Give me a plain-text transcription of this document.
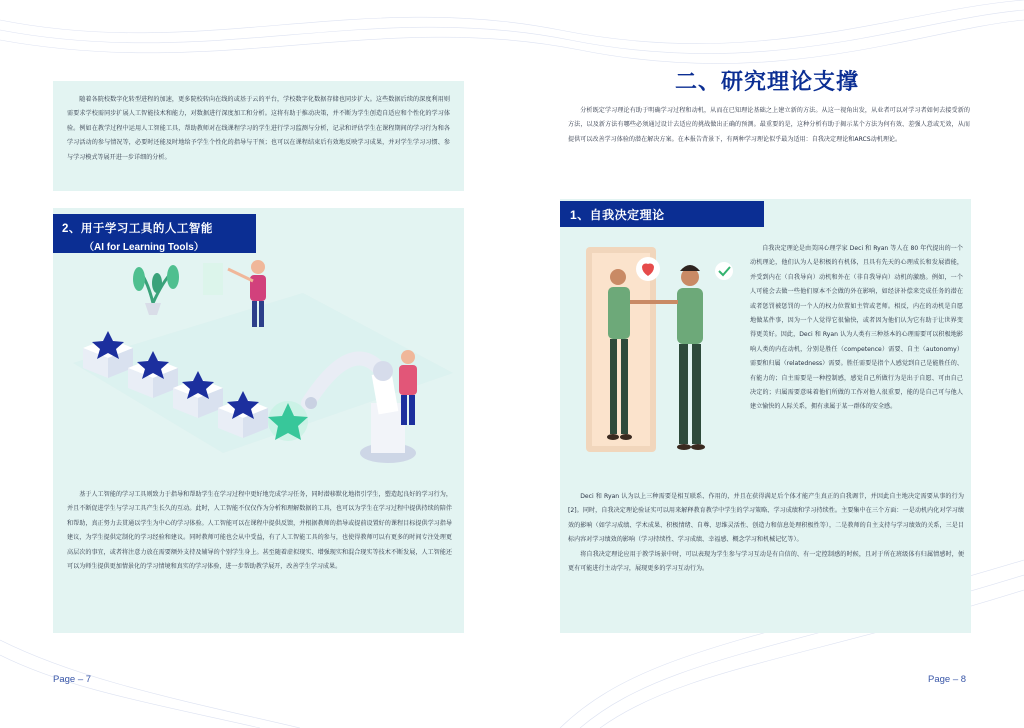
随着各院校数字化转型进程的加速，更多院校转向在线的或基于云的平台，学校数字化数据存储也同步扩大。这些数据后续的深度利用则需要求学校需同步扩展人工智能技术和能力，对数据进行深度加工和分析。这将有助于推动决策，并不断为学生创造自适应和个性化的学习体验。例如在教学过程中运用人工智能工具，帮助教师对在线课程学习的学生进行学习监测与分析，记录和评估学生在课程期间的学习行为和各学习活动的参与情况等，必要时还能及时地给予学生个性化的指导与干预；也可以在课程结束后有效地反映学习成果，并对学生学习习惯、参与学习模式等展开进一步详细的分析。

2、用于学习工具的人工智能
（AI for Learning Tools）

基于人工智能的学习工具则致力于指导和帮助学生在学习过程中更好地完成学习任务，同时潜移默化地指引学生，塑造起良好的学习行为，并且不断促进学生与学习工具产生长久的互动。此时，人工智能不仅仅作为分析和理解数据的工具，也可以为学生在学习过程中提供持续的陪伴和帮助，真正努力去贯通以学生为中心的学习体验。人工智能可以在课程中提供反馈，并根据教师的指导或提前设置好的课程目标提供学习指导建议，为学生提供定制化的学习经验和建议。同时教师可能也会从中受益，有了人工智能工具的参与，也使得教师可以有更多的时间专注处理更高层次的事宜，或者将注意力放在需要额外支持及辅导的个别学生身上。甚至随着虚拟现实、增强现实和混合现实等技术不断发展，人工智能还可以为师生提供更加情景化的学习情境和真实的学习体验，进一步帮助教学展开，改善学生学习成果。

Page – 7
二、研究理论支撑

分析既定学习理论有助于明确学习过程和动机，从而在已知理论基础之上建立新的方法。从这一视角出发，从业者可以对学习者如何去接受新的方法，以及新方法有哪些必须通过设计去适应的挑战做出正确的预测。最重要的是，这种分析有助于揭示某个方法为何有效、差强人意或无效，从而提供可以改善学习体验的潜在解决方案。在本报告背景下，有两种学习理论似乎最为适用：自我决定理论和ARCS动机理论。

1、自我决定理论

自我决定理论是由美国心理学家 Deci 和 Ryan 等人在 80 年代提出的一个动机理论，他们认为人是积极的有机体，且具有先天的心理成长和发展潜能，并受到内在（自我导向）动机和外在（非自我导向）动机的激励。例如，一个人可能会去做一些他们原本不会做的外在影响，如经济补偿来完成任务的潜在或者惩罚被惩罚的一个人的权力位置如主管或老师。相反，内在的动机是自愿地做某件事，因为一个人觉得它很愉快，或者因为他们认为它有助于让世界变得更美好。因此，Deci 和 Ryan 认为人类有三种基本的心理需要可以积极地影响人类的内在动机，分别是胜任（competence）需要、自主（autonomy）需要和归属（relatedness）需要。胜任需要是指个人感觉到自己是能胜任的、有能力的；自主需要是一种控制感，感觉自己所做行为是出于自愿、可由自己决定的；归属需要意味着他们所做的工作对他人很重要，能的是自己可与他人建立愉快的人际关系，拥有隶属于某一群体的安全感。

Deci 和 Ryan 认为以上三种需要是相互联系、作用的，并且在获得满足后个体才能产生真正的自我调节，并因此自主地决定需要从事的行为 [2]。同时，自我决定理论验证实可以用来解释教育教学中学生的学习策略、学习成绩和学习持续性。主要集中在三个方面：一是动机内化对学习绩效的影响（如学习成绩、学术成果、积极情绪、自尊、思维灵活性、创造力和信息处理积极性等），二是教师的自主支持与学习绩效的关系，三是目标内容对学习绩效的影响（学习持续性、学习成绩、幸福感、概念学习和机械记忆等）。

将自我决定理论应用于教学场景中时，可以表现为学生参与学习互动是有自信的、有一定控制感的时候，且对于所在班级体有归属情感时，便更有可能进行主动学习，展现更多的学习互动行为。

Page – 8
